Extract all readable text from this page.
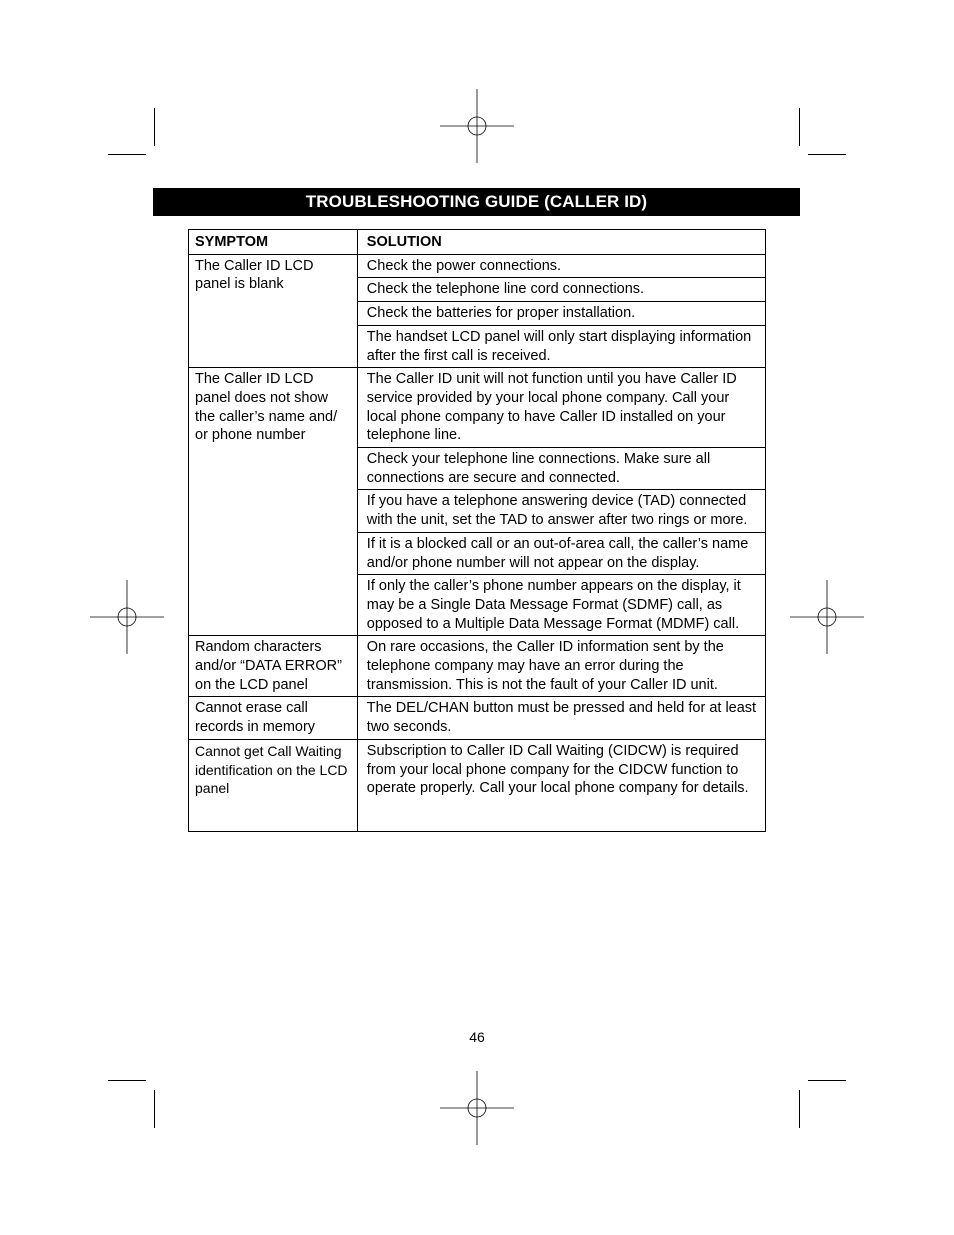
TROUBLESHOOTING GUIDE (CALLER ID)
SYMPTOM	SOLUTION
The Caller ID LCD panel is blank	Check the power connections.
	Check the telephone line cord connections.
	Check the batteries for proper installation.
	The handset LCD panel will only start displaying information after the first call is received.
The Caller ID LCD panel does not show the caller’s name and/ or phone number	The Caller ID unit will not function until you have Caller ID service provided by your local phone company. Call your local phone company to have Caller ID installed on your telephone line.
	Check your telephone line connections. Make sure all connections are secure and connected.
	If you have a telephone answering device (TAD) connected with the unit, set the TAD to answer after two rings or more.
	If it is a blocked call or an out-of-area call, the caller’s name and/or phone number will not appear on the display.
	If only the caller’s phone number appears on the display, it may be a Single Data Message Format (SDMF) call, as opposed to a Multiple Data Message Format (MDMF) call.
Random characters and/or “DATA ERROR” on the LCD panel	On rare occasions, the Caller ID information sent by the telephone company may have an error during the transmission. This is not the fault of your Caller ID unit.
Cannot erase call records in memory	The DEL/CHAN button must be pressed and held for at least two seconds.
Cannot get Call Waiting identification on the LCD panel	Subscription to Caller ID Call Waiting (CIDCW) is required from your local phone company for the CIDCW function to operate properly. Call your local phone company for details.
46
